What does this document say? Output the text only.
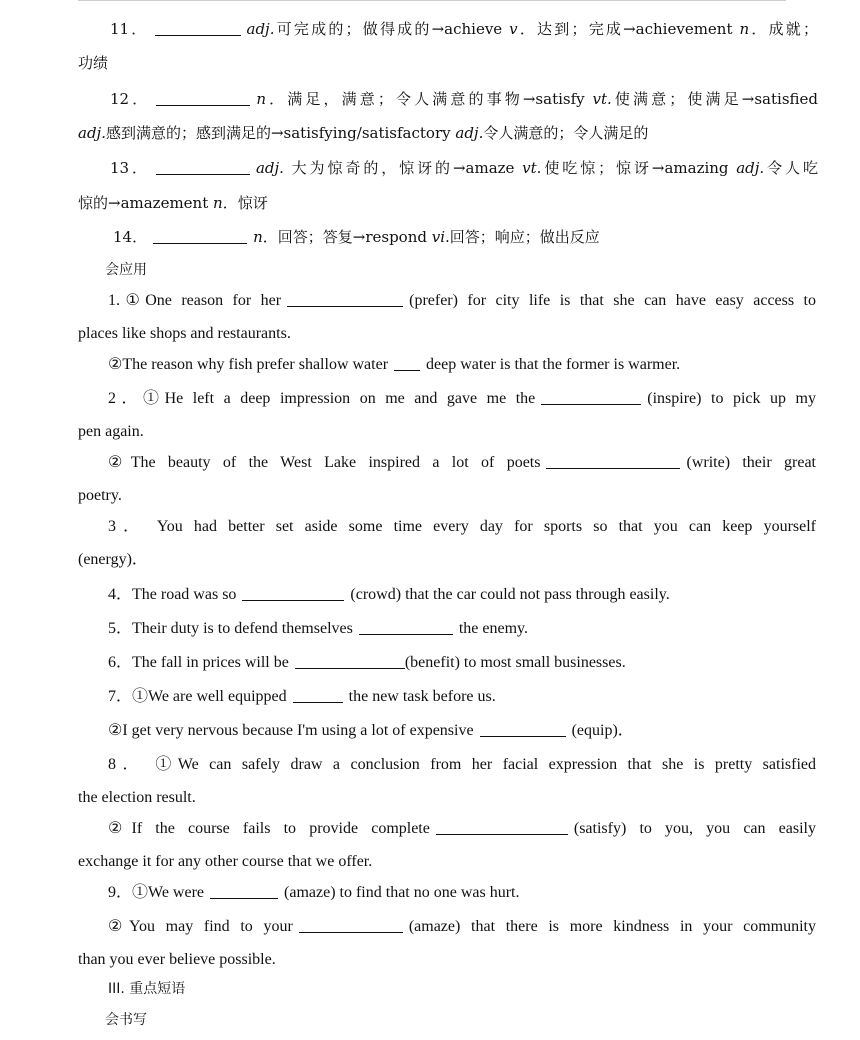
11．	adj.可完成的；做得成的→achieve v．达到；完成→achievement n．成就；
功绩
12．	n．满足，满意；令人满意的事物→satisfy vt.使满意；使满足→satisfied
adj.感到满意的；感到满足的→satisfying/satisfactory adj.令人满意的；令人满足的
13．	adj. 大为惊奇的，惊讶的→amaze vt.使吃惊；惊讶→amazing adj.令人吃
惊的→amazement n．惊讶
14．	n．回答；答复→respond vi.回答；响应；做出反应
会应用
1.①One reason for her	(prefer) for city life is that she can have easy access to
places like shops and restaurants.
②The reason why fish prefer shallow water deep water is that the former is warmer.
2．①He left a deep impression on me and gave me the	(inspire) to pick up my
pen again.
②The beauty of the West Lake inspired a lot of poets	(write) their great
poetry.
3． You had better set aside some time every day for sports so that you can keep yourself
(energy)．
4．The road was so	(crowd) that the car could not pass through easily.
5．Their duty is to defend themselves	the enemy.
6．The fall in prices will be	(benefit) to most small businesses.
7．①We are well equipped	the new task before us.
②I get very nervous because I'm using a lot of expensive	(equip)．
8． ①We can safely draw a conclusion from her facial expression that she is pretty satisfied
the election result.
②If the course fails to provide complete	(satisfy) to you, you can easily
exchange it for any other course that we offer.
9．①We were	(amaze) to find that no one was hurt.
②You may find to your	(amaze) that there is more kindness in your community
than you ever believe possible.
III. 重点短语
会书写
